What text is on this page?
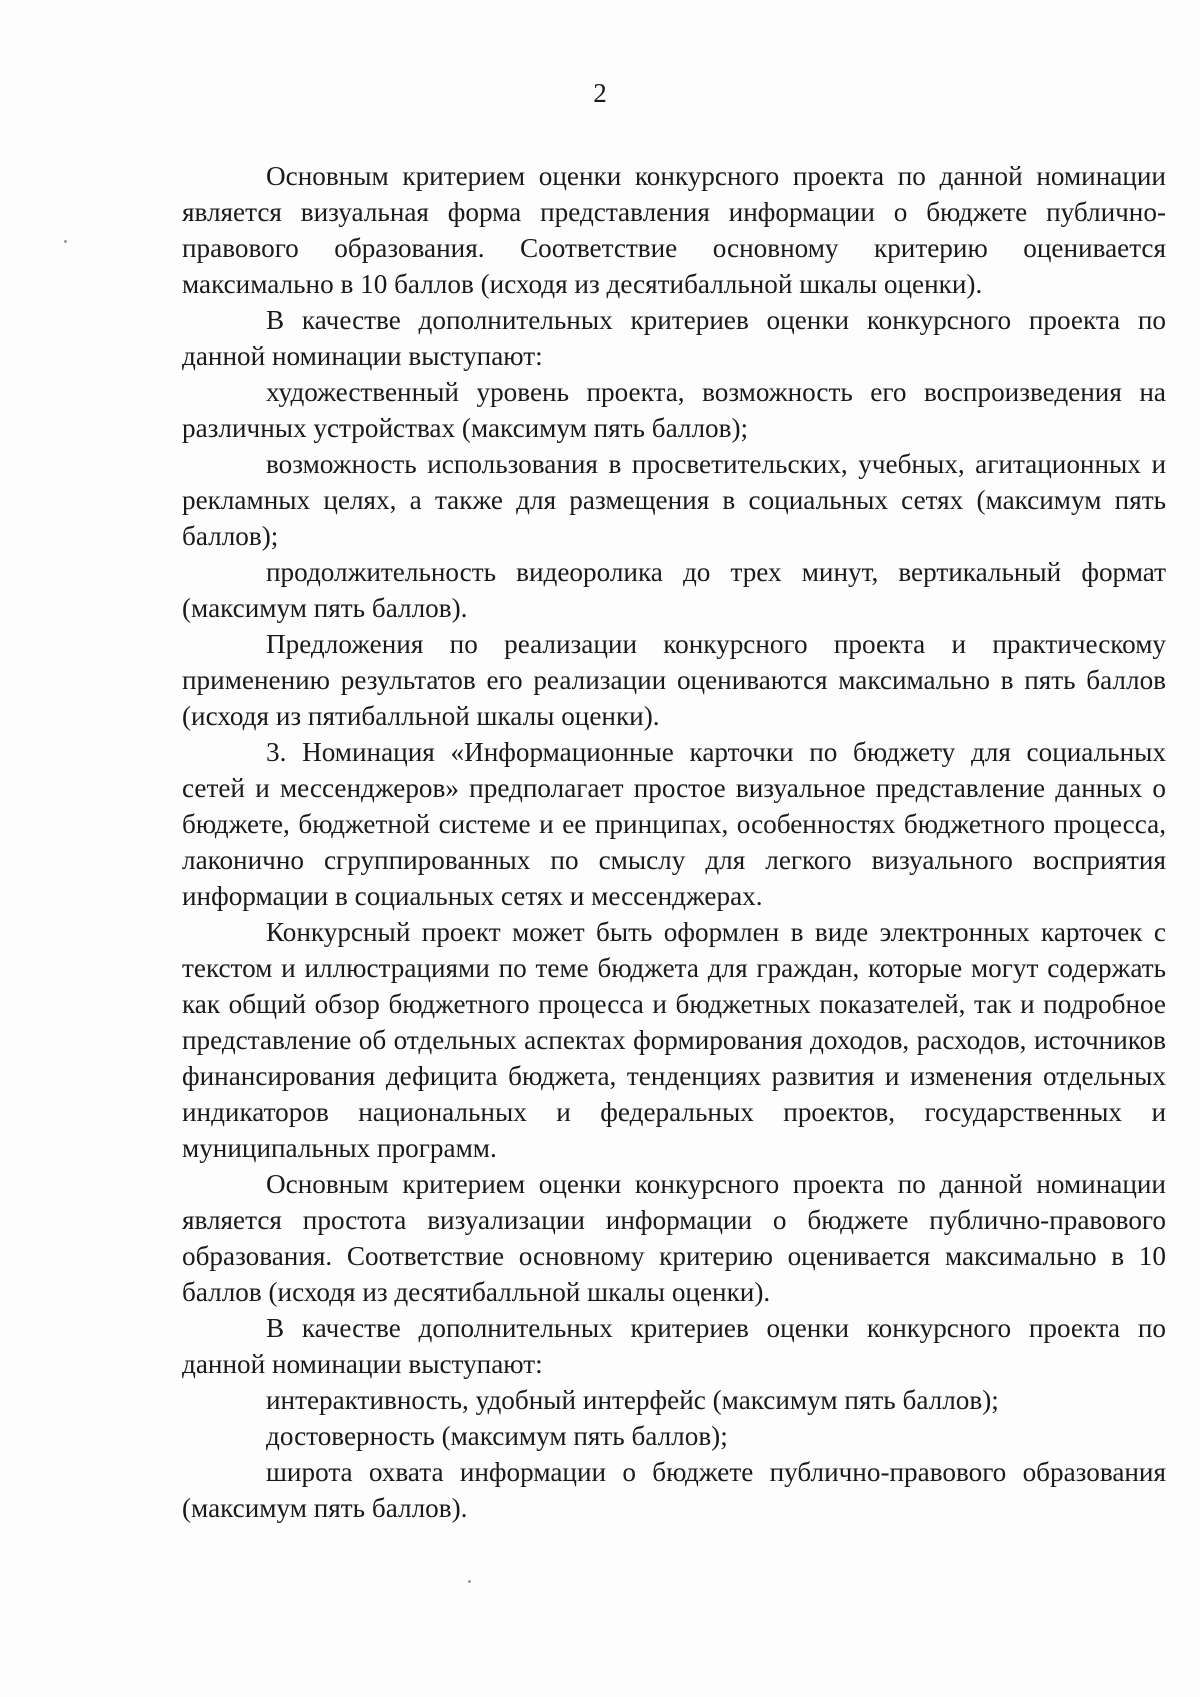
2

Основным критерием оценки конкурсного проекта по данной номинации является визуальная форма представления информации о бюджете публично-правового образования. Соответствие основному критерию оценивается максимально в 10 баллов (исходя из десятибалльной шкалы оценки).

В качестве дополнительных критериев оценки конкурсного проекта по данной номинации выступают:

художественный уровень проекта, возможность его воспроизведения на различных устройствах (максимум пять баллов);

возможность использования в просветительских, учебных, агитационных и рекламных целях, а также для размещения в социальных сетях (максимум пять баллов);

продолжительность видеоролика до трех минут, вертикальный формат (максимум пять баллов).

Предложения по реализации конкурсного проекта и практическому применению результатов его реализации оцениваются максимально в пять баллов (исходя из пятибалльной шкалы оценки).

3. Номинация «Информационные карточки по бюджету для социальных сетей и мессенджеров» предполагает простое визуальное представление данных о бюджете, бюджетной системе и ее принципах, особенностях бюджетного процесса, лаконично сгруппированных по смыслу для легкого визуального восприятия информации в социальных сетях и мессенджерах.

Конкурсный проект может быть оформлен в виде электронных карточек с текстом и иллюстрациями по теме бюджета для граждан, которые могут содержать как общий обзор бюджетного процесса и бюджетных показателей, так и подробное представление об отдельных аспектах формирования доходов, расходов, источников финансирования дефицита бюджета, тенденциях развития и изменения отдельных индикаторов национальных и федеральных проектов, государственных и муниципальных программ.

Основным критерием оценки конкурсного проекта по данной номинации является простота визуализации информации о бюджете публично-правового образования. Соответствие основному критерию оценивается максимально в 10 баллов (исходя из десятибалльной шкалы оценки).

В качестве дополнительных критериев оценки конкурсного проекта по данной номинации выступают:

интерактивность, удобный интерфейс (максимум пять баллов);

достоверность (максимум пять баллов);

широта охвата информации о бюджете публично-правового образования (максимум пять баллов).
